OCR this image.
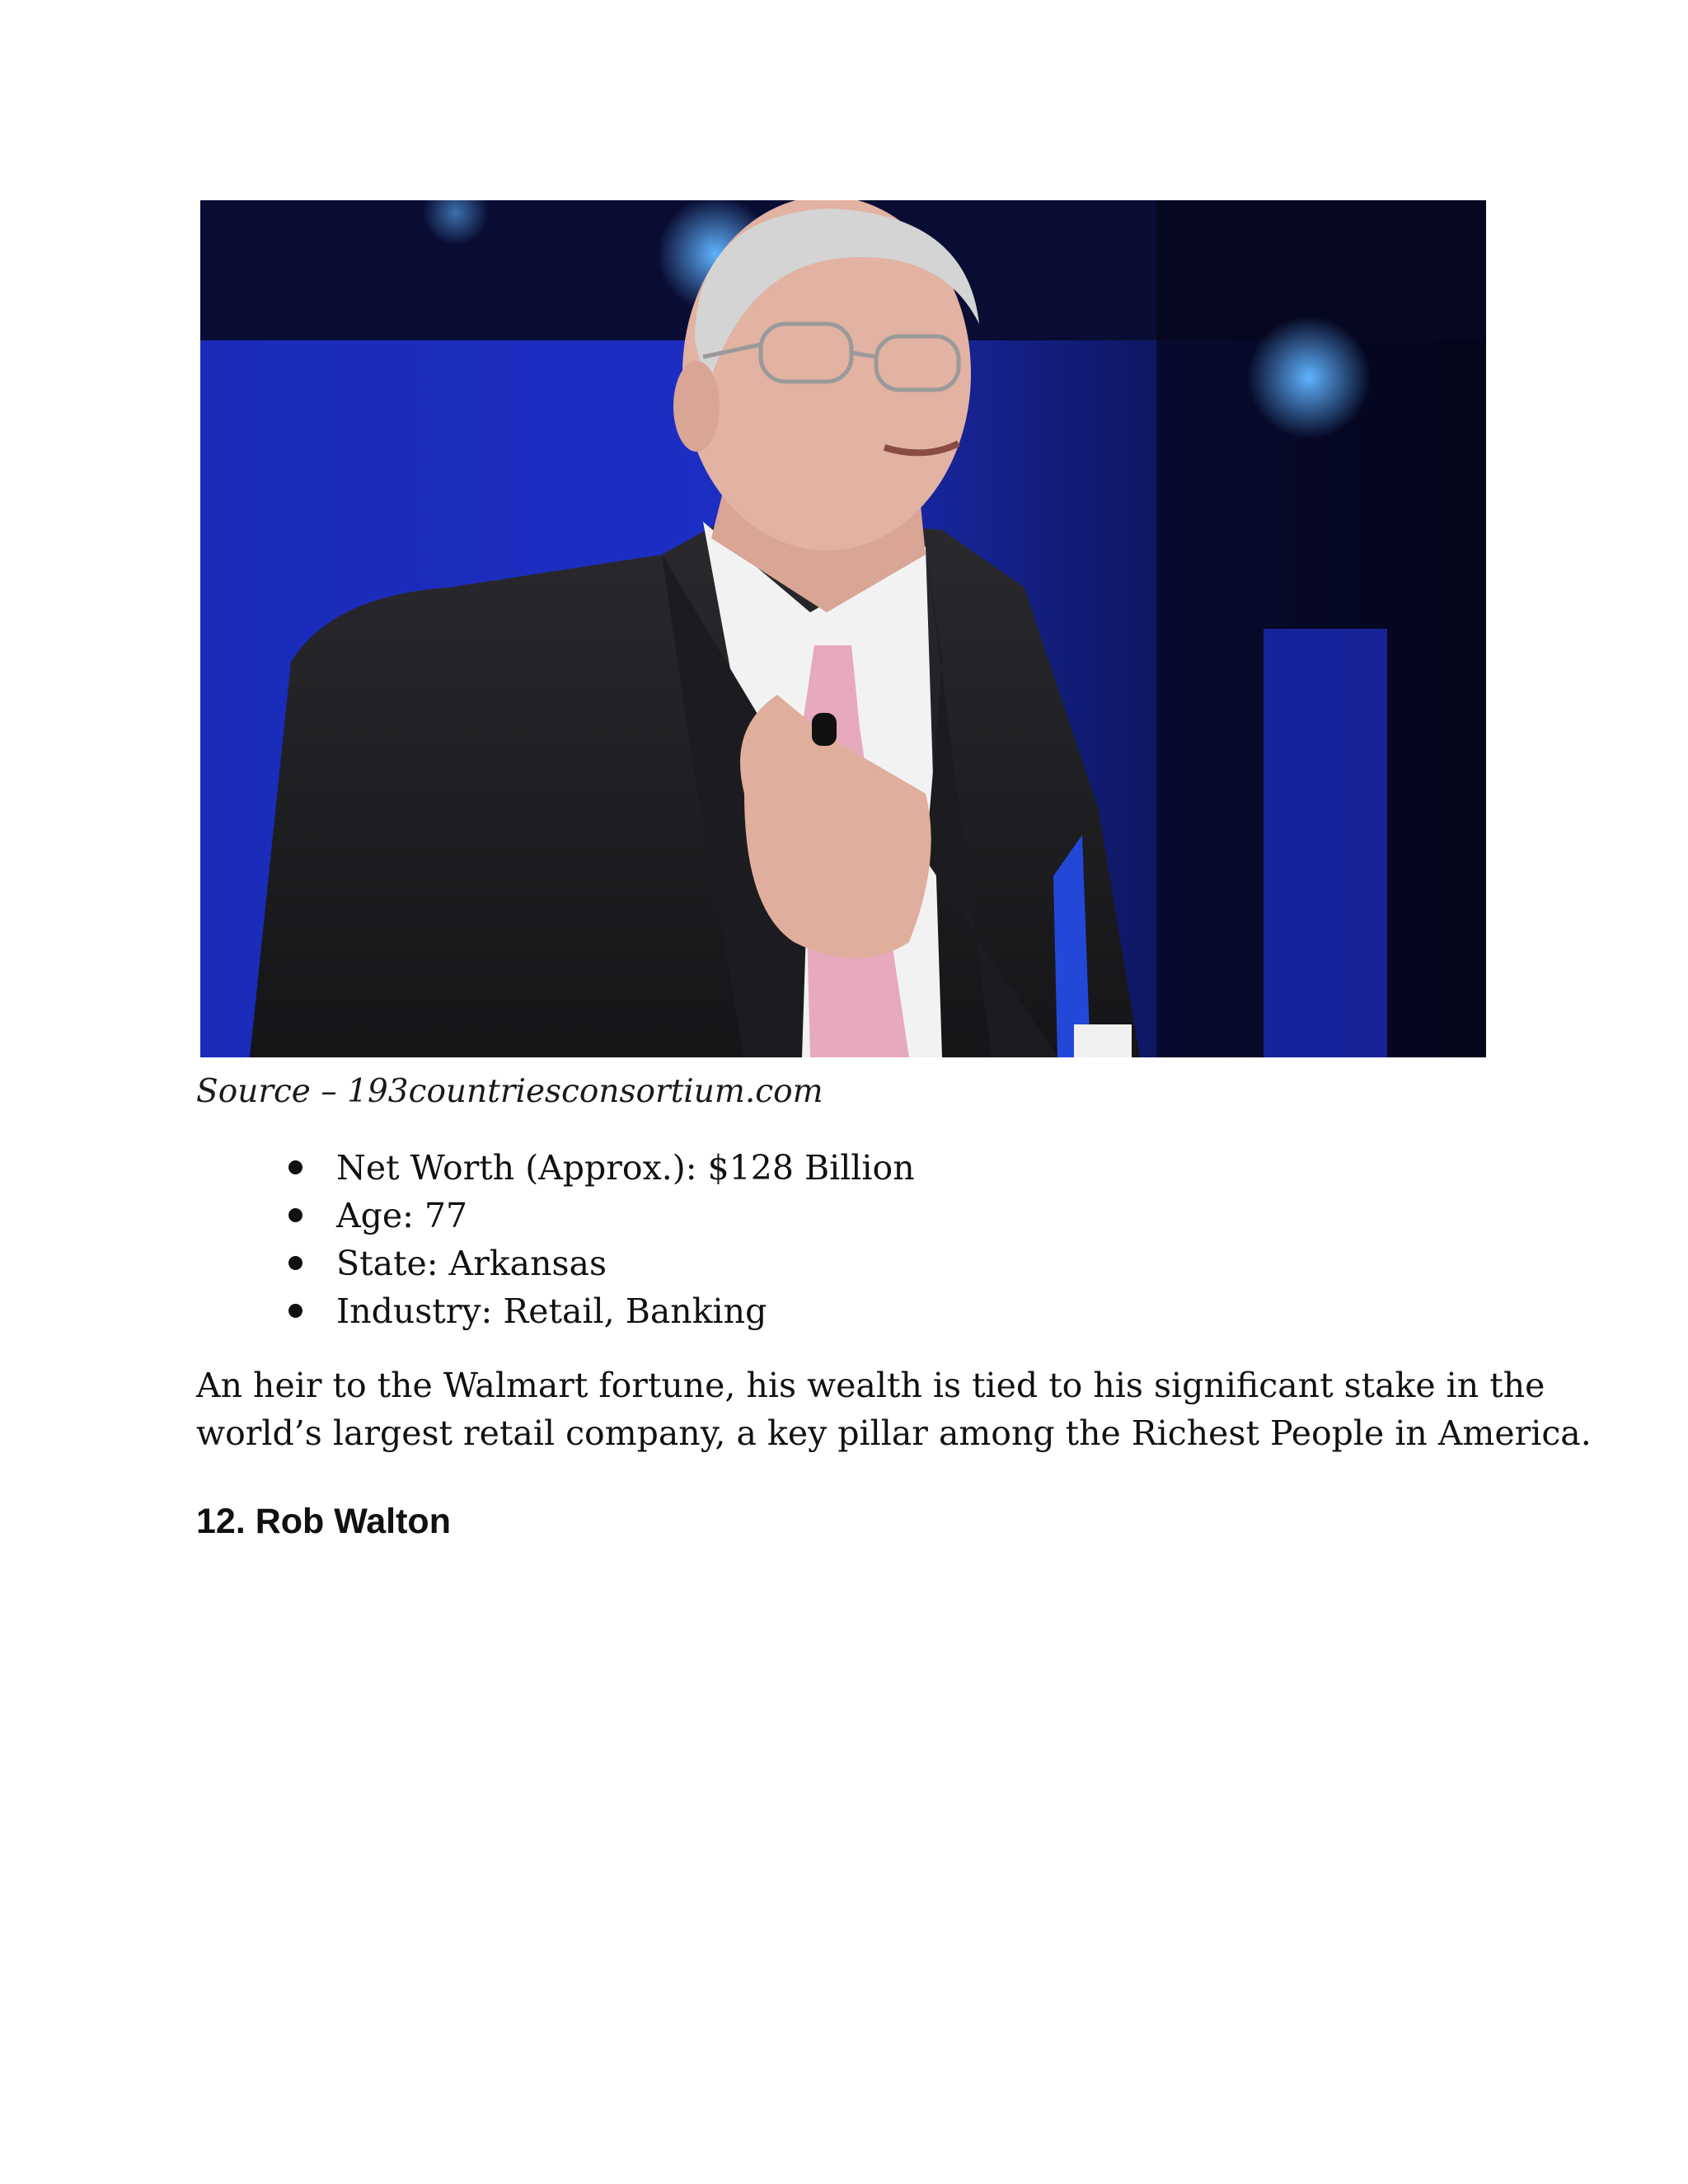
Source – 193countriesconsortium.com
Net Worth (Approx.): $128 Billion
Age: 77
State: Arkansas
Industry: Retail, Banking

An heir to the Walmart fortune, his wealth is tied to his significant stake in the
world’s largest retail company, a key pillar among the Richest People in America.

12. Rob Walton
